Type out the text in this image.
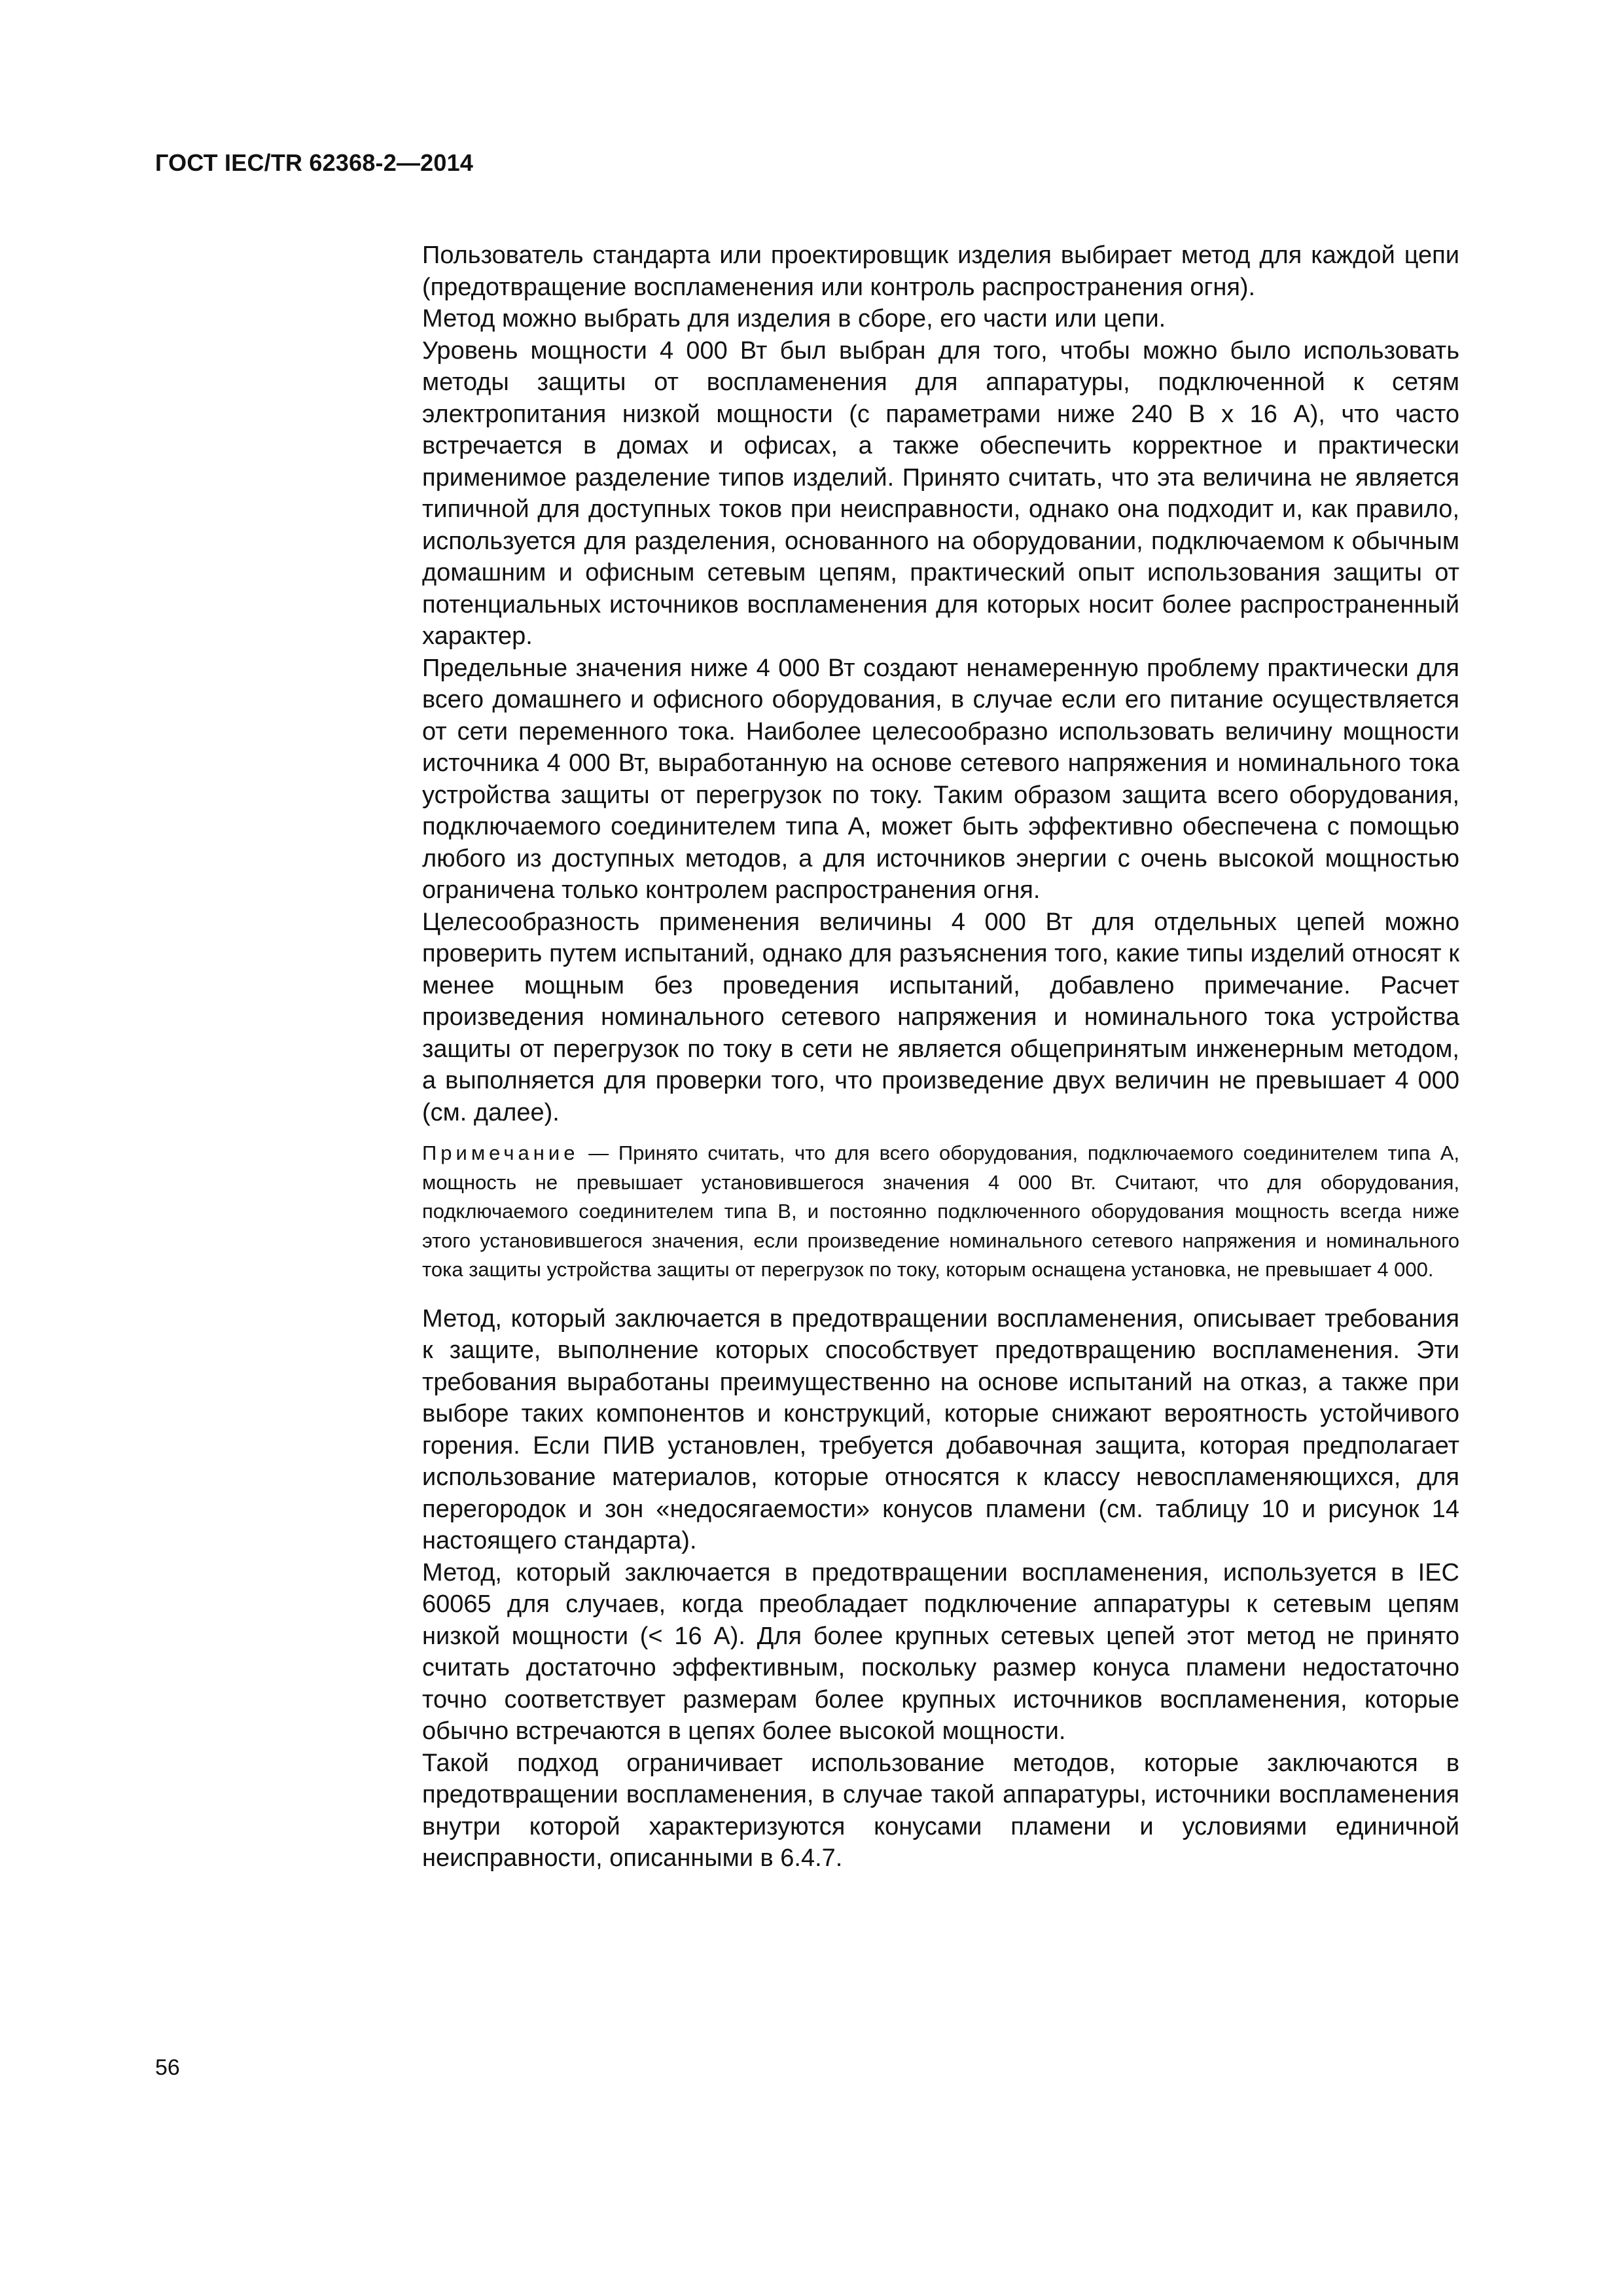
ГОСТ IEC/TR 62368-2—2014

Пользователь стандарта или проектировщик изделия выбирает метод для каждой цепи (предотвращение воспламенения или контроль распространения огня).

Метод можно выбрать для изделия в сборе, его части или цепи.

Уровень мощности 4 000 Вт был выбран для того, чтобы можно было использовать методы защиты от воспламенения для аппаратуры, подключенной к сетям электропитания низкой мощности (с параметрами ниже 240 В х 16 А), что часто встречается в домах и офисах, а также обеспечить корректное и практически применимое разделение типов изделий. Принято считать, что эта величина не является типичной для доступных токов при неисправности, однако она подходит и, как правило, используется для разделения, основанного на оборудовании, подключаемом к обычным домашним и офисным сетевым цепям, практический опыт использования защиты от потенциальных источников воспламенения для которых носит более распространенный характер.

Предельные значения ниже 4 000 Вт создают ненамеренную проблему практически для всего домашнего и офисного оборудования, в случае если его питание осуществляется от сети переменного тока. Наиболее целесообразно использовать величину мощности источника 4 000 Вт, выработанную на основе сетевого напряжения и номинального тока устройства защиты от перегрузок по току. Таким образом защита всего оборудования, подключаемого соединителем типа А, может быть эффективно обеспечена с помощью любого из доступных методов, а для источников энергии с очень высокой мощностью ограничена только контролем распространения огня.

Целесообразность применения величины 4 000 Вт для отдельных цепей можно проверить путем испытаний, однако для разъяснения того, какие типы изделий относят к менее мощным без проведения испытаний, добавлено примечание. Расчет произведения номинального сетевого напряжения и номинального тока устройства защиты от перегрузок по току в сети не является общепринятым инженерным методом, а выполняется для проверки того, что произведение двух величин не превышает 4 000 (см. далее).

Примечание — Принято считать, что для всего оборудования, подключаемого соединителем типа А, мощность не превышает установившегося значения 4 000 Вт. Считают, что для оборудования, подключаемого соединителем типа В, и постоянно подключенного оборудования мощность всегда ниже этого установившегося значения, если произведение номинального сетевого напряжения и номинального тока защиты устройства защиты от перегрузок по току, которым оснащена установка, не превышает 4 000.

Метод, который заключается в предотвращении воспламенения, описывает требования к защите, выполнение которых способствует предотвращению воспламенения. Эти требования выработаны преимущественно на основе испытаний на отказ, а также при выборе таких компонентов и конструкций, которые снижают вероятность устойчивого горения. Если ПИВ установлен, требуется добавочная защита, которая предполагает использование материалов, которые относятся к классу невоспламеняющихся, для перегородок и зон «недосягаемости» конусов пламени (см. таблицу 10 и рисунок 14 настоящего стандарта).

Метод, который заключается в предотвращении воспламенения, используется в IEC 60065 для случаев, когда преобладает подключение аппаратуры к сетевым цепям низкой мощности (< 16 А). Для более крупных сетевых цепей этот метод не принято считать достаточно эффективным, поскольку размер конуса пламени недостаточно точно соответствует размерам более крупных источников воспламенения, которые обычно встречаются в цепях более высокой мощности.

Такой подход ограничивает использование методов, которые заключаются в предотвращении воспламенения, в случае такой аппаратуры, источники воспламенения внутри которой характеризуются конусами пламени и условиями единичной неисправности, описанными в 6.4.7.

56
